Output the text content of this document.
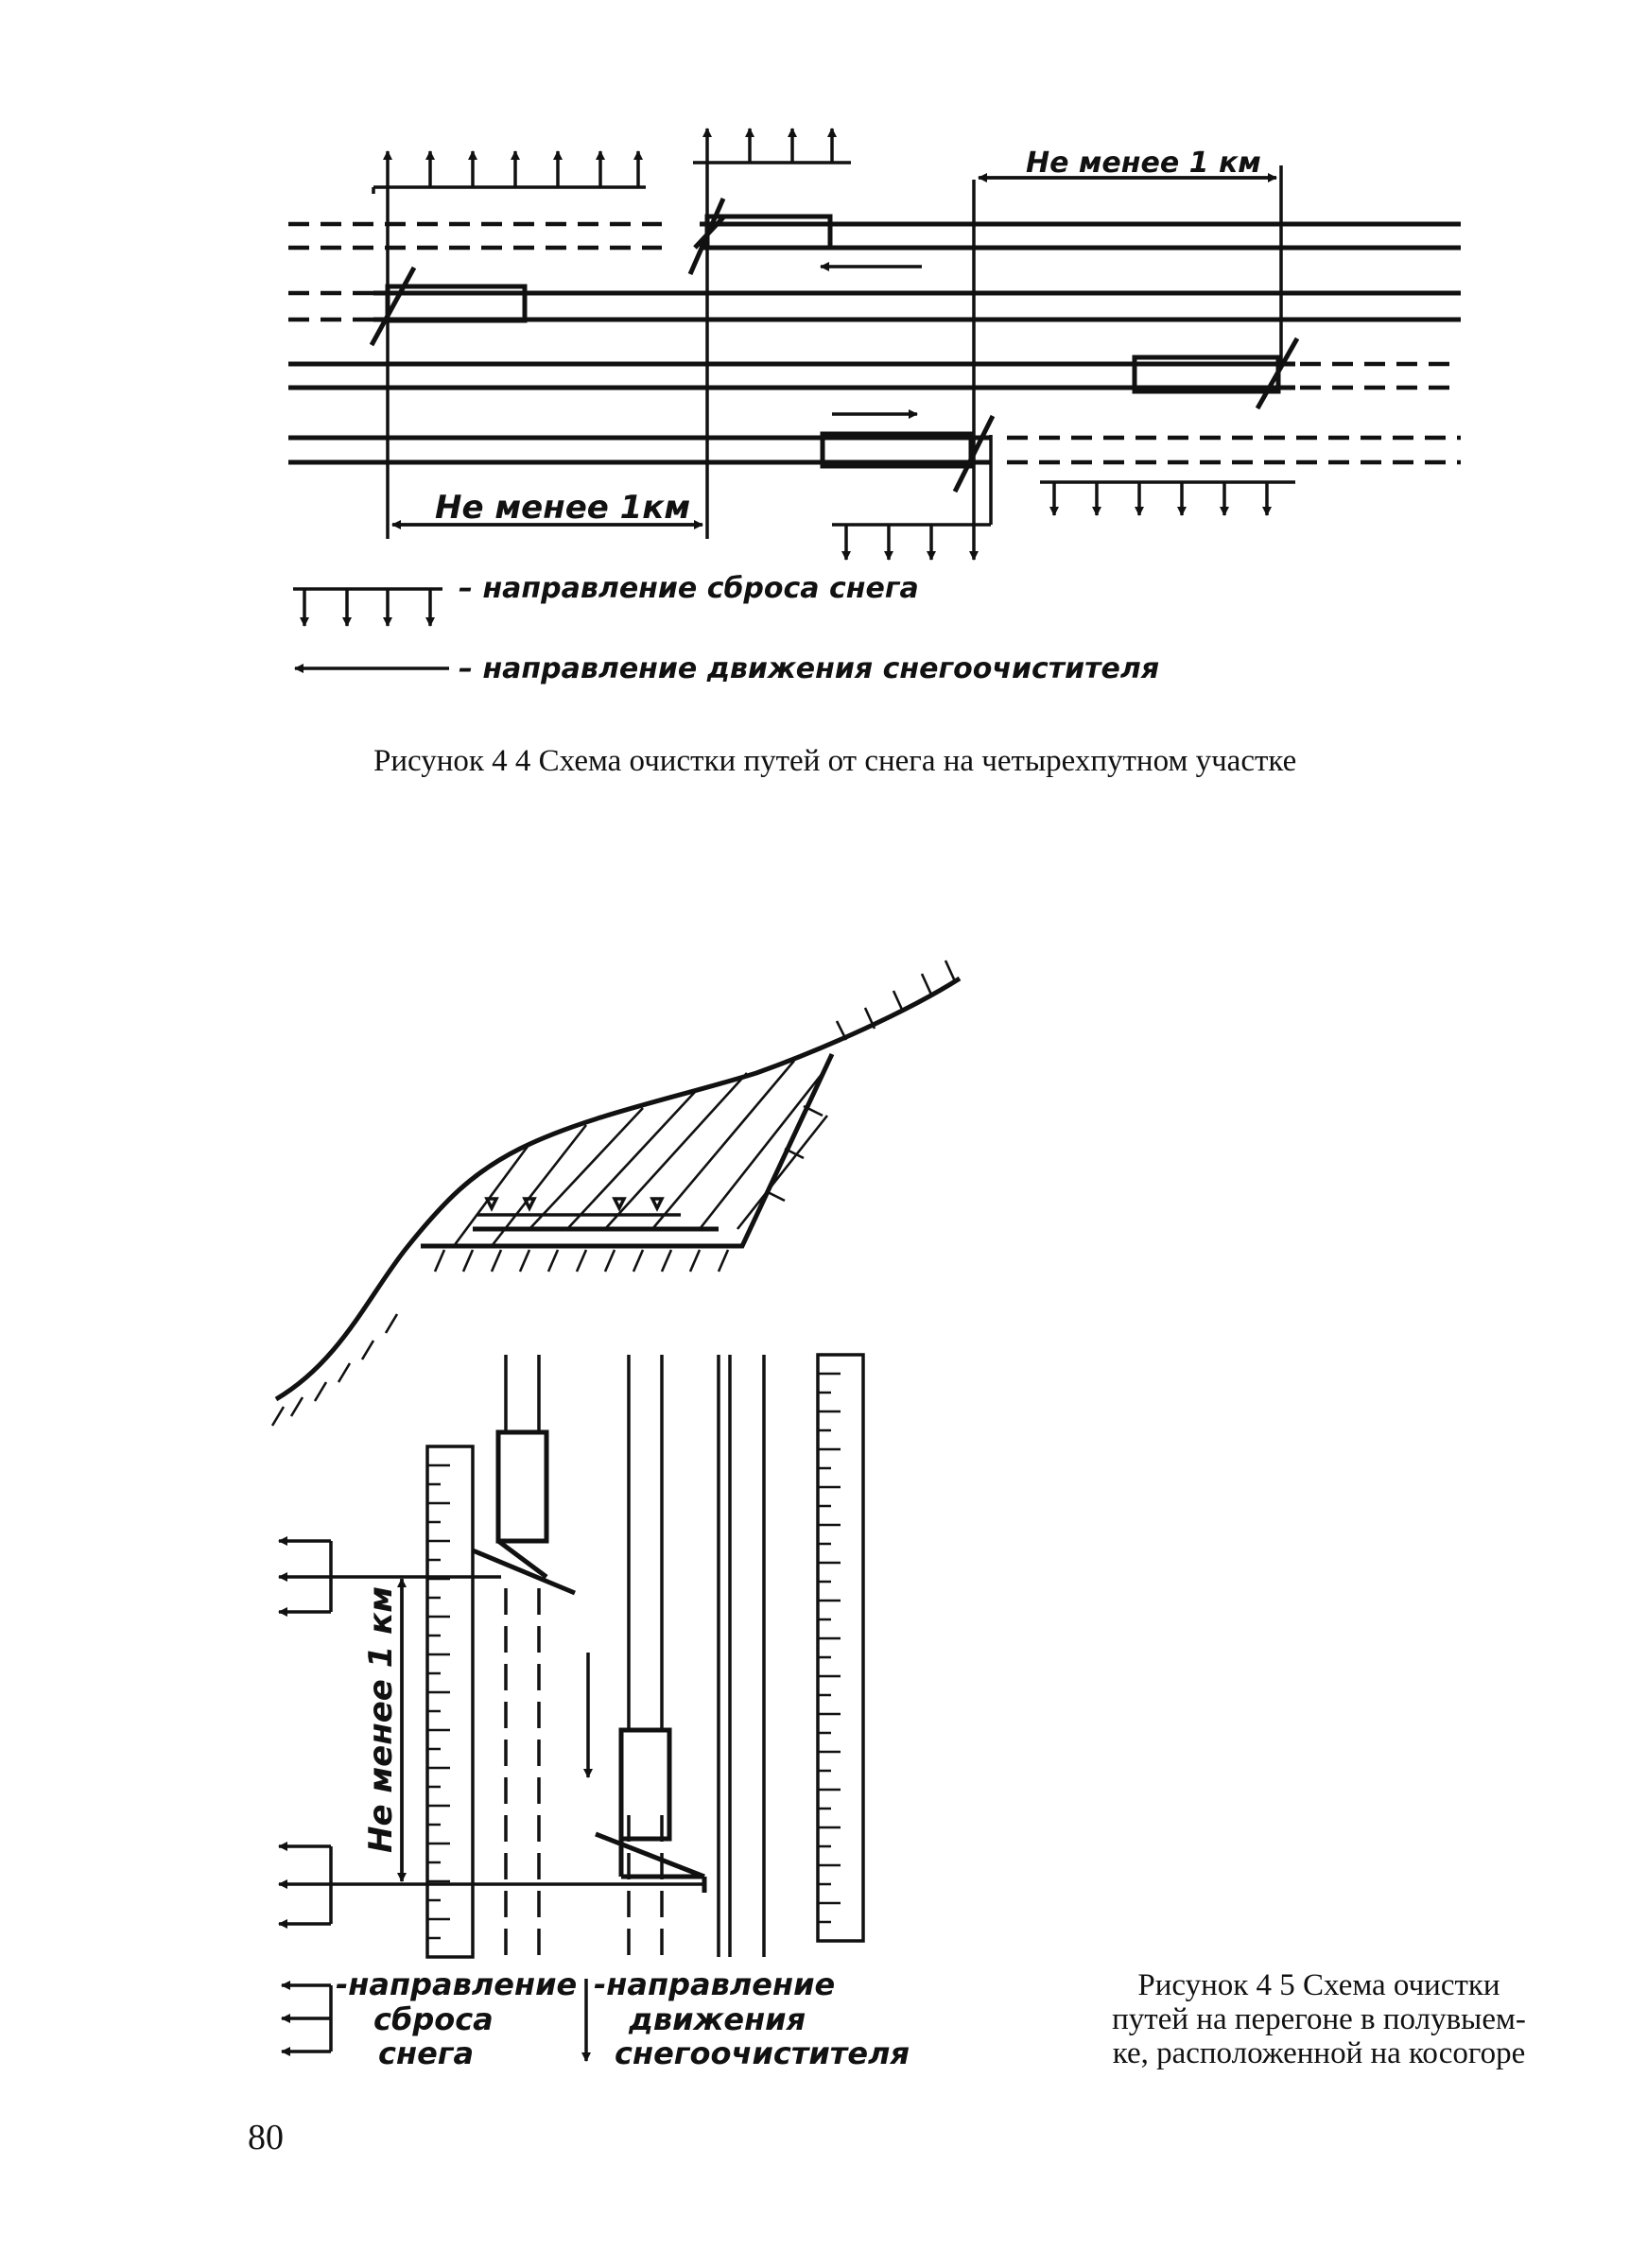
Не менее 1 км
Не менее 1км
– направление сброса снега
– направление движения снегоочистителя
Рисунок 4 4 Схема очистки путей от снега на четырехпутном участке
Не менее 1 км
-направление
сброса
снега
-направление
движения
снегоочистителя
Рисунок 4 5 Схема очистки
путей на перегоне в полувыем-
ке, расположенной на косогоре
80
